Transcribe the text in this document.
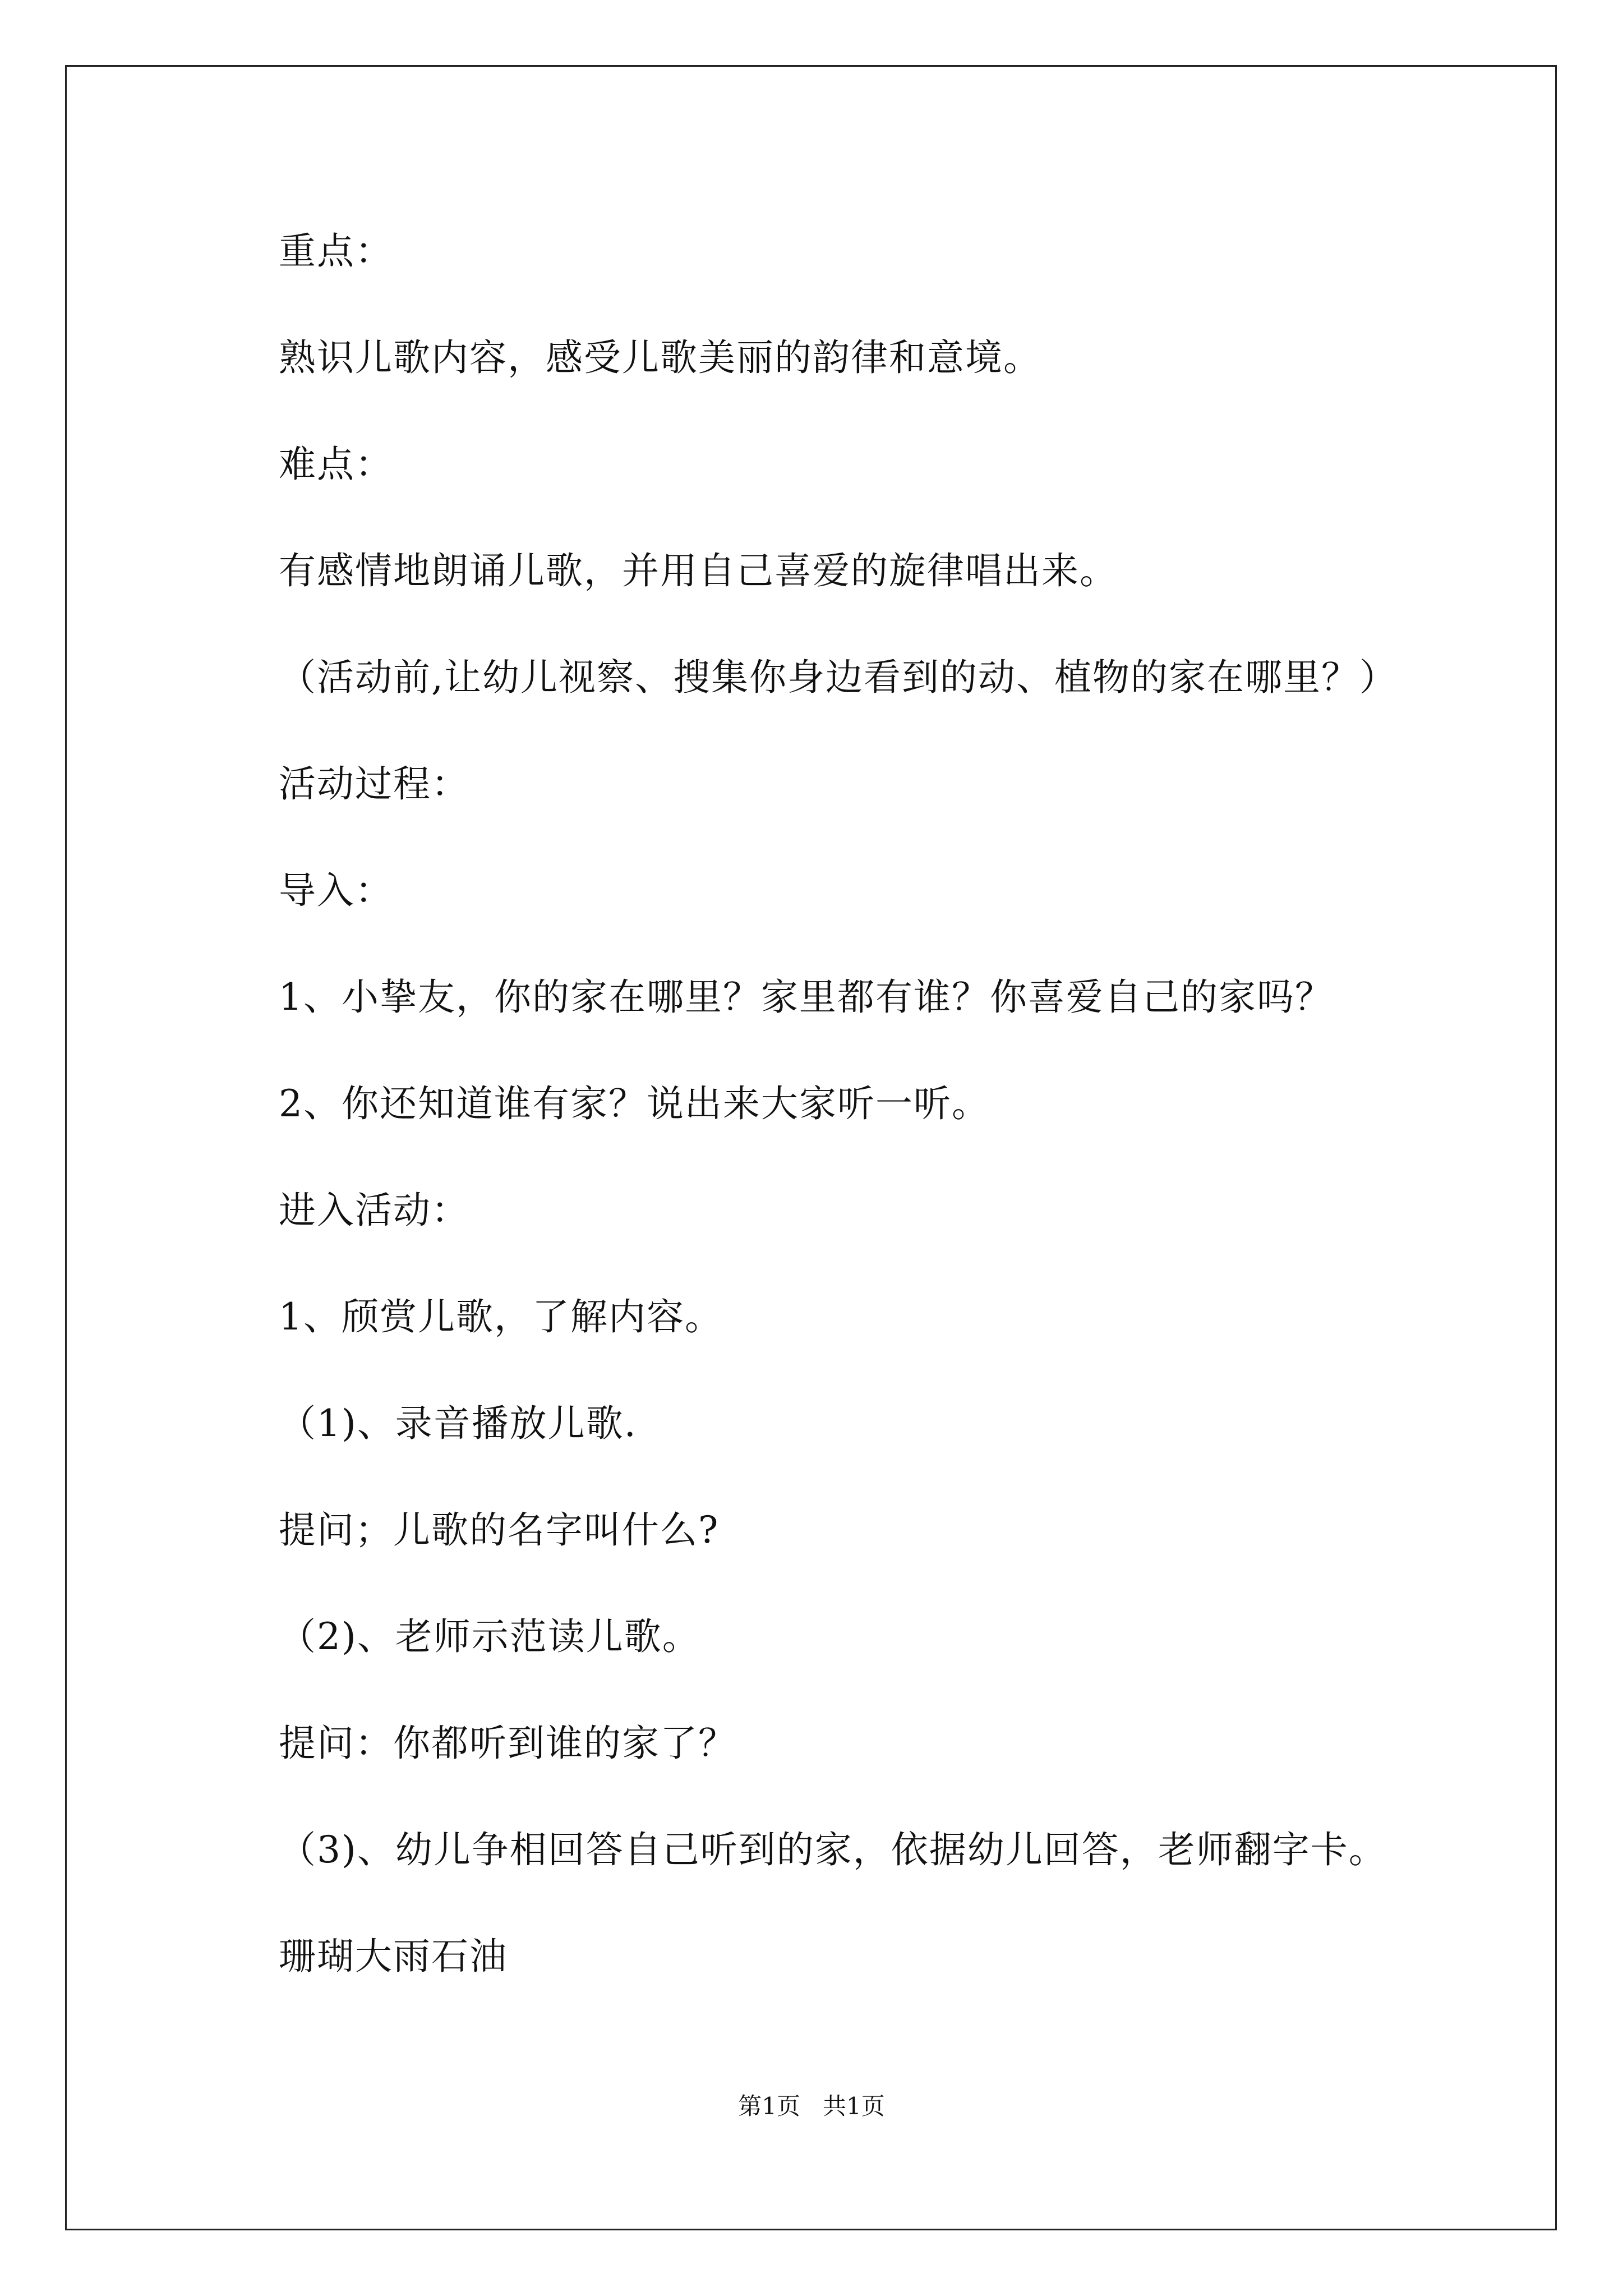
重点：
熟识儿歌内容，感受儿歌美丽的韵律和意境。
难点：
有感情地朗诵儿歌，并用自己喜爱的旋律唱出来。
（活动前,让幼儿视察、搜集你身边看到的动、植物的家在哪里？）
活动过程：
导入：
1、小挚友，你的家在哪里？家里都有谁？你喜爱自己的家吗？
2、你还知道谁有家？说出来大家听一听。
进入活动：
1、颀赏儿歌，了解内容。
（1)、录音播放儿歌.
提问；儿歌的名字叫什么?
（2)、老师示范读儿歌。
提问：你都听到谁的家了？
（3)、幼儿争相回答自己听到的家，依据幼儿回答，老师翻字卡。
珊瑚大雨石油
第1页   共1页
